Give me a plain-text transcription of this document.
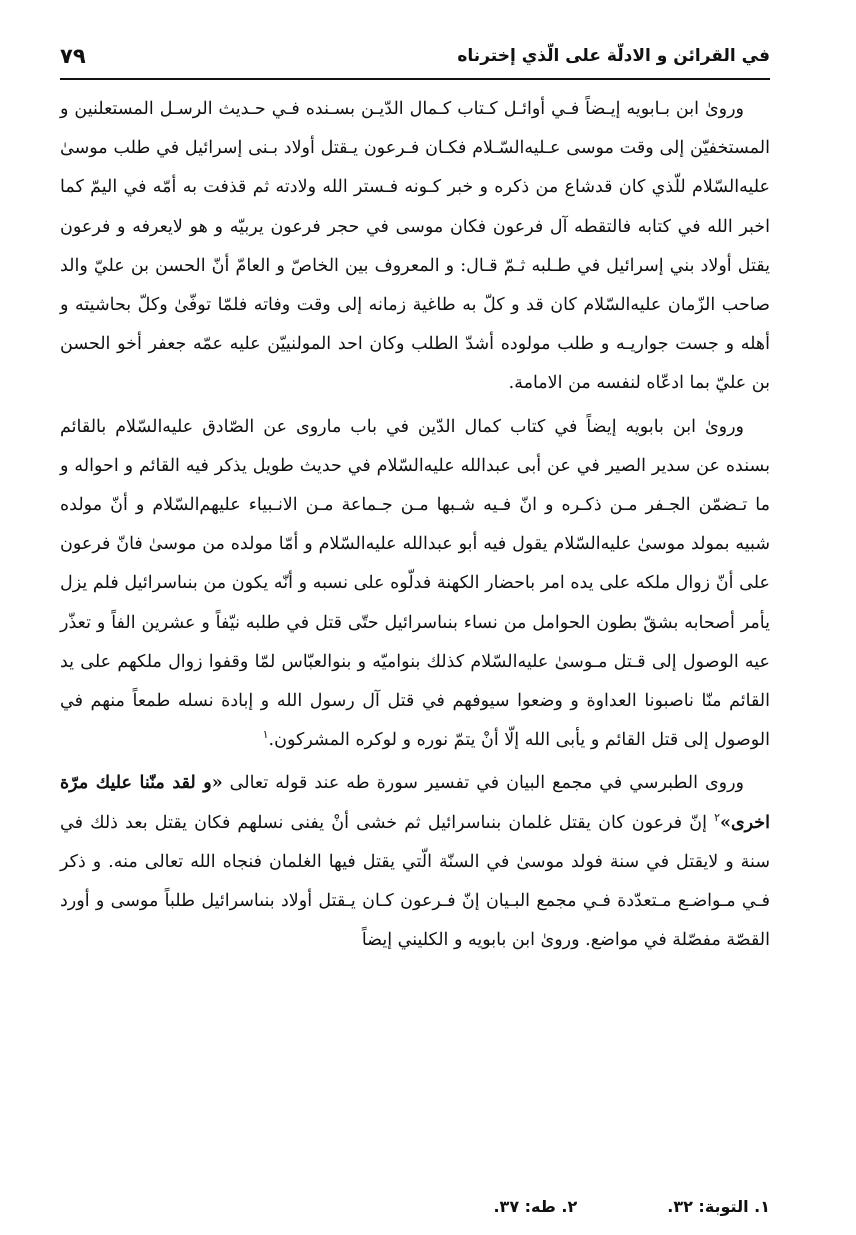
٧٩	في القرائن و الادلّة على الّذي إخترناه

وروىٰ ابن بـابويه إيـضاً فـي أوائـل كـتاب كـمال الدّيـن بسـنده فـي حـديث الرسـل المستعلنين و المستخفيّن إلى وقت موسى عـليه‌السّـلام فكـان فـرعون يـقتل أولاد بـنى إسرائيل في طلب موسىٰ عليه‌السّلام للّذي كان قدشاع من ذكره و خبر كـونه فـستر الله ولادته ثم قذفت به أمّه في اليمّ كما اخبر الله في كتابه فالتقطه آل فرعون فكان موسى في حجر فرعون يربيّه و هو لايعرفه و فرعون يقتل أولاد بني إسرائيل في طـلبه ثـمّ قـال: و المعروف بين الخاصّ و العامّ أنّ الحسن بن عليّ والد صاحب الزّمان عليه‌السّلام كان قد و كلّ به طاغية زمانه إلى وقت وفاته فلمّا توفّىٰ وكلّ بحاشيته و أهله و جست جواريـه و طلب مولوده أشدّ الطلب وكان احد المولنييّن عليه عمّه جعفر أخو الحسن بن عليّ بما ادعّاه لنفسه من الامامة.

وروىٰ ابن بابويه إيضاً في كتاب كمال الدّين في باب ماروى عن الصّادق عليه‌السّلام بالقائم بسنده عن سدير الصير في عن أبى عبدالله عليه‌السّلام في حديث طويل يذكر فيه القائم و احواله و ما تـضمّن الجـفر مـن ذكـره و انّ فـيه شـبها مـن جـماعة مـن الانـبياء عليهم‌السّلام و أنّ مولده شبيه بمولد موسىٰ عليه‌السّلام يقول فيه أبو عبدالله عليه‌السّلام و أمّا مولده من موسىٰ فانّ فرعون على أنّ زوال ملكه على يده امر باحضار الكهنة فدلّوه على نسبه و أنّه يكون من بنىاسرائيل فلم يزل يأمر أصحابه بشقّ بطون الحوامل من نساء بنىاسرائيل حتّى قتل في طلبه نيّفاً و عشرين الفاً و تعذّر عيه الوصول إلى قـتل مـوسىٰ عليه‌السّلام كذلك بنواميّه و بنوالعبّاس لمّا وقفوا زوال ملكهم على يد القائم منّا ناصبونا العداوة و وضعوا سيوفهم في قتل آل رسول الله و إبادة نسله طمعاً منهم في الوصول إلى قتل القائم و يأبى الله إلّا أنْ يتمّ نوره و لوكره المشركون.$^١$

وروى الطبرسي في مجمع البيان في تفسير سورة طه عند قوله تعالى «و لقد منّنا عليك مرّة اخرى»$^٢$ إنّ فرعون كان يقتل غلمان بنىاسرائيل ثم خشى أنْ يفنى نسلهم فكان يقتل بعد ذلك في سنة و لايقتل في سنة فولد موسىٰ في السنّة الّتي يقتل فيها الغلمان فنجاه الله تعالى منه. و ذكر فـي مـواضـع مـتعدّدة فـي مجمع البـيان إنّ فـرعون كـان يـقتل أولاد بنىاسرائيل طلباً موسى و أورد القصّة مفصّلة في مواضع. وروىٰ ابن بابويه و الكليني إيضاً

١. التوبة: ٣٢.
٢. طه: ٣٧.
